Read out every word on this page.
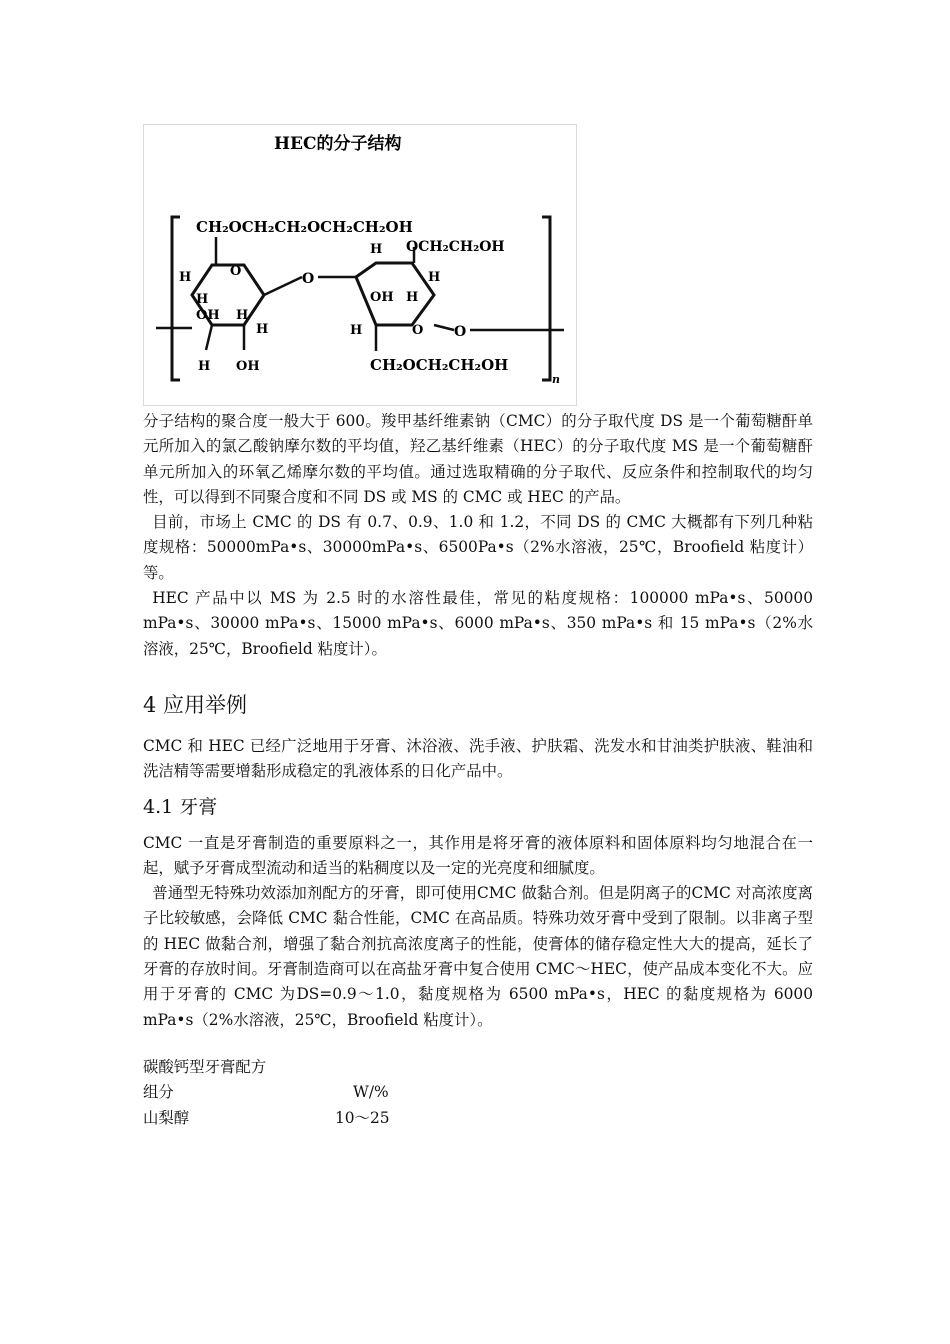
HEC的分子结构
n
CH₂OCH₂CH₂OCH₂CH₂OH
O
H
H
OH H
H
H OH
O
H OCH₂CH₂OH
H
OH H
H	O O
CH₂OCH₂CH₂OH

分子结构的聚合度一般大于 600。羧甲基纤维素钠（CMC）的分子取代度 DS 是一个葡萄糖酐单元所加入的氯乙酸钠摩尔数的平均值，羟乙基纤维素（HEC）的分子取代度 MS 是一个葡萄糖酐单元所加入的环氧乙烯摩尔数的平均值。通过选取精确的分子取代、反应条件和控制取代的均匀性，可以得到不同聚合度和不同 DS 或 MS 的 CMC 或 HEC 的产品。

目前，市场上 CMC 的 DS 有 0.7、0.9、1.0 和 1.2，不同 DS 的 CMC 大概都有下列几种粘度规格：50000mPa•s、30000mPa•s、6500Pa•s（2%水溶液，25℃，Broofield 粘度计）等。

HEC 产品中以 MS 为 2.5 时的水溶性最佳，常见的粘度规格：100000 mPa•s、50000 mPa•s、30000 mPa•s、15000 mPa•s、6000 mPa•s、350 mPa•s 和 15 mPa•s（2%水溶液，25℃，Broofield 粘度计）。

4 应用举例

CMC 和 HEC 已经广泛地用于牙膏、沐浴液、洗手液、护肤霜、洗发水和甘油类护肤液、鞋油和洗洁精等需要增黏形成稳定的乳液体系的日化产品中。

4.1 牙膏

CMC 一直是牙膏制造的重要原料之一，其作用是将牙膏的液体原料和固体原料均匀地混合在一起，赋予牙膏成型流动和适当的粘稠度以及一定的光亮度和细腻度。

普通型无特殊功效添加剂配方的牙膏，即可使用CMC 做黏合剂。但是阴离子的CMC 对高浓度离子比较敏感，会降低 CMC 黏合性能，CMC 在高品质。特殊功效牙膏中受到了限制。以非离子型的 HEC 做黏合剂，增强了黏合剂抗高浓度离子的性能，使膏体的储存稳定性大大的提高，延长了牙膏的存放时间。牙膏制造商可以在高盐牙膏中复合使用 CMC～HEC，使产品成本变化不大。应用于牙膏的 CMC 为DS=0.9～1.0，黏度规格为 6500 mPa•s，HEC 的黏度规格为 6000 mPa•s（2%水溶液，25℃，Broofield 粘度计）。

碳酸钙型牙膏配方
组分	W/%
山梨醇	10～25
